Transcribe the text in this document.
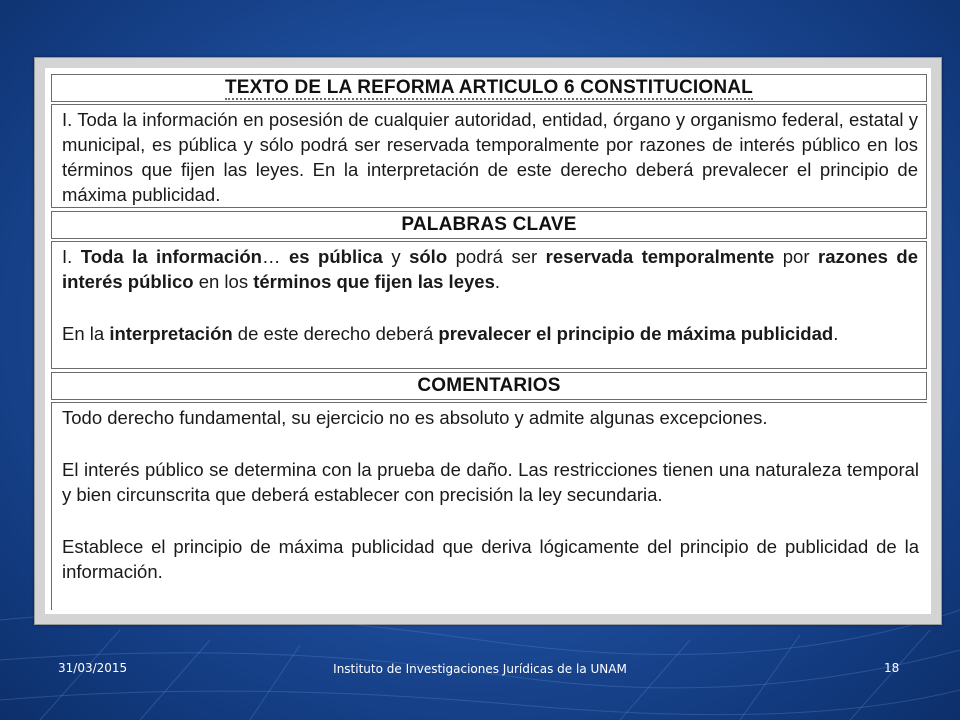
TEXTO DE LA REFORMA ARTICULO 6 CONSTITUCIONAL
I. Toda la información en posesión de cualquier autoridad, entidad, órgano y organismo federal, estatal y municipal, es pública y sólo podrá ser reservada temporalmente por razones de interés público en los términos que fijen las leyes. En la interpretación de este derecho deberá prevalecer el principio de máxima publicidad.
PALABRAS CLAVE

I. Toda la información… es pública y sólo podrá ser reservada temporalmente por razones de interés público en los términos que fijen las leyes.

En la interpretación de este derecho deberá prevalecer el principio de máxima publicidad.

COMENTARIOS

Todo derecho fundamental, su ejercicio no es absoluto y admite algunas excepciones.

El interés público se determina con la prueba de daño. Las restricciones tienen una naturaleza temporal y bien circunscrita que deberá establecer con precisión la ley secundaria.

Establece el principio de máxima publicidad que deriva lógicamente del principio de publicidad de la información.

31/03/2015	Instituto de Investigaciones Jurídicas de la UNAM	18
